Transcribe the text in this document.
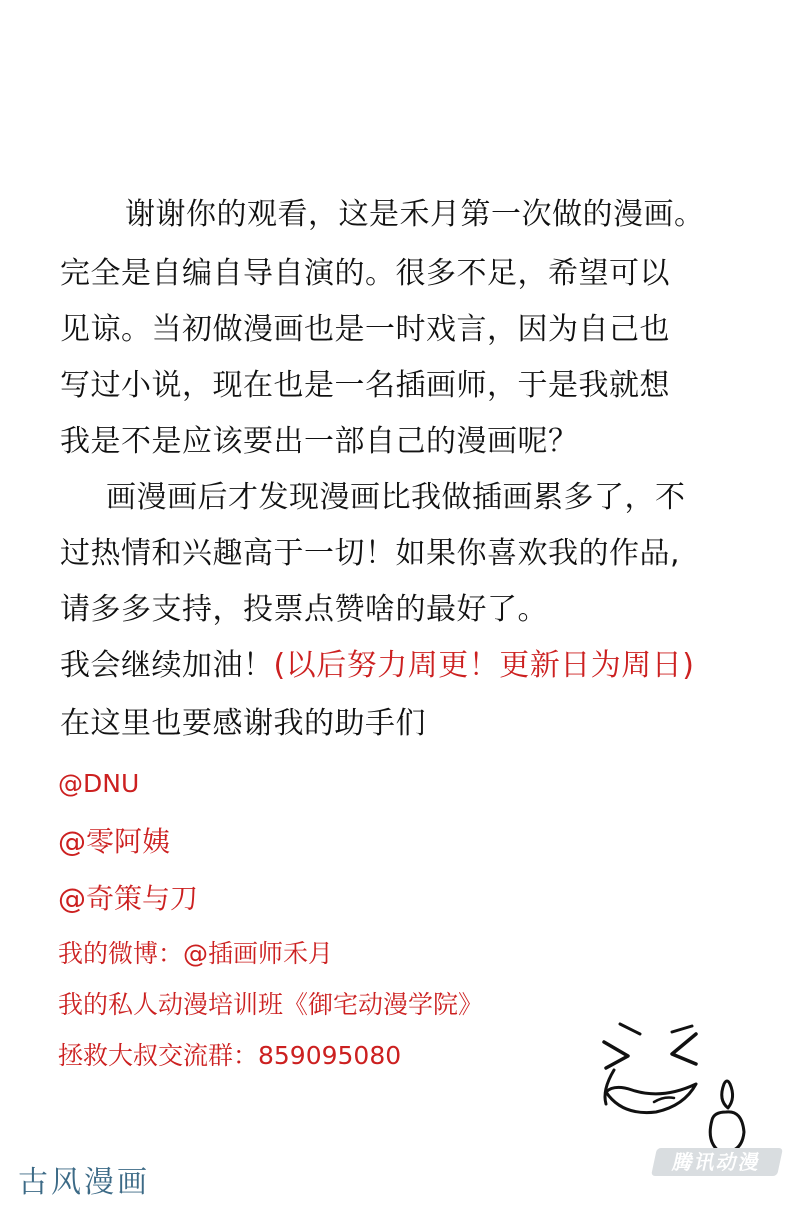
谢谢你的观看，这是禾月第一次做的漫画。
完全是自编自导自演的。很多不足，希望可以
见谅。当初做漫画也是一时戏言，因为自己也
写过小说，现在也是一名插画师，于是我就想
我是不是应该要出一部自己的漫画呢？
画漫画后才发现漫画比我做插画累多了，不
过热情和兴趣高于一切！如果你喜欢我的作品,
请多多支持，投票点赞啥的最好了。
我会继续加油！(以后努力周更！更新日为周日)
在这里也要感谢我的助手们
@DNU
@零阿姨
@奇策与刀
我的微博：@插画师禾月
我的私人动漫培训班《御宅动漫学院》
拯救大叔交流群：859095080
古风漫画
腾讯动漫
